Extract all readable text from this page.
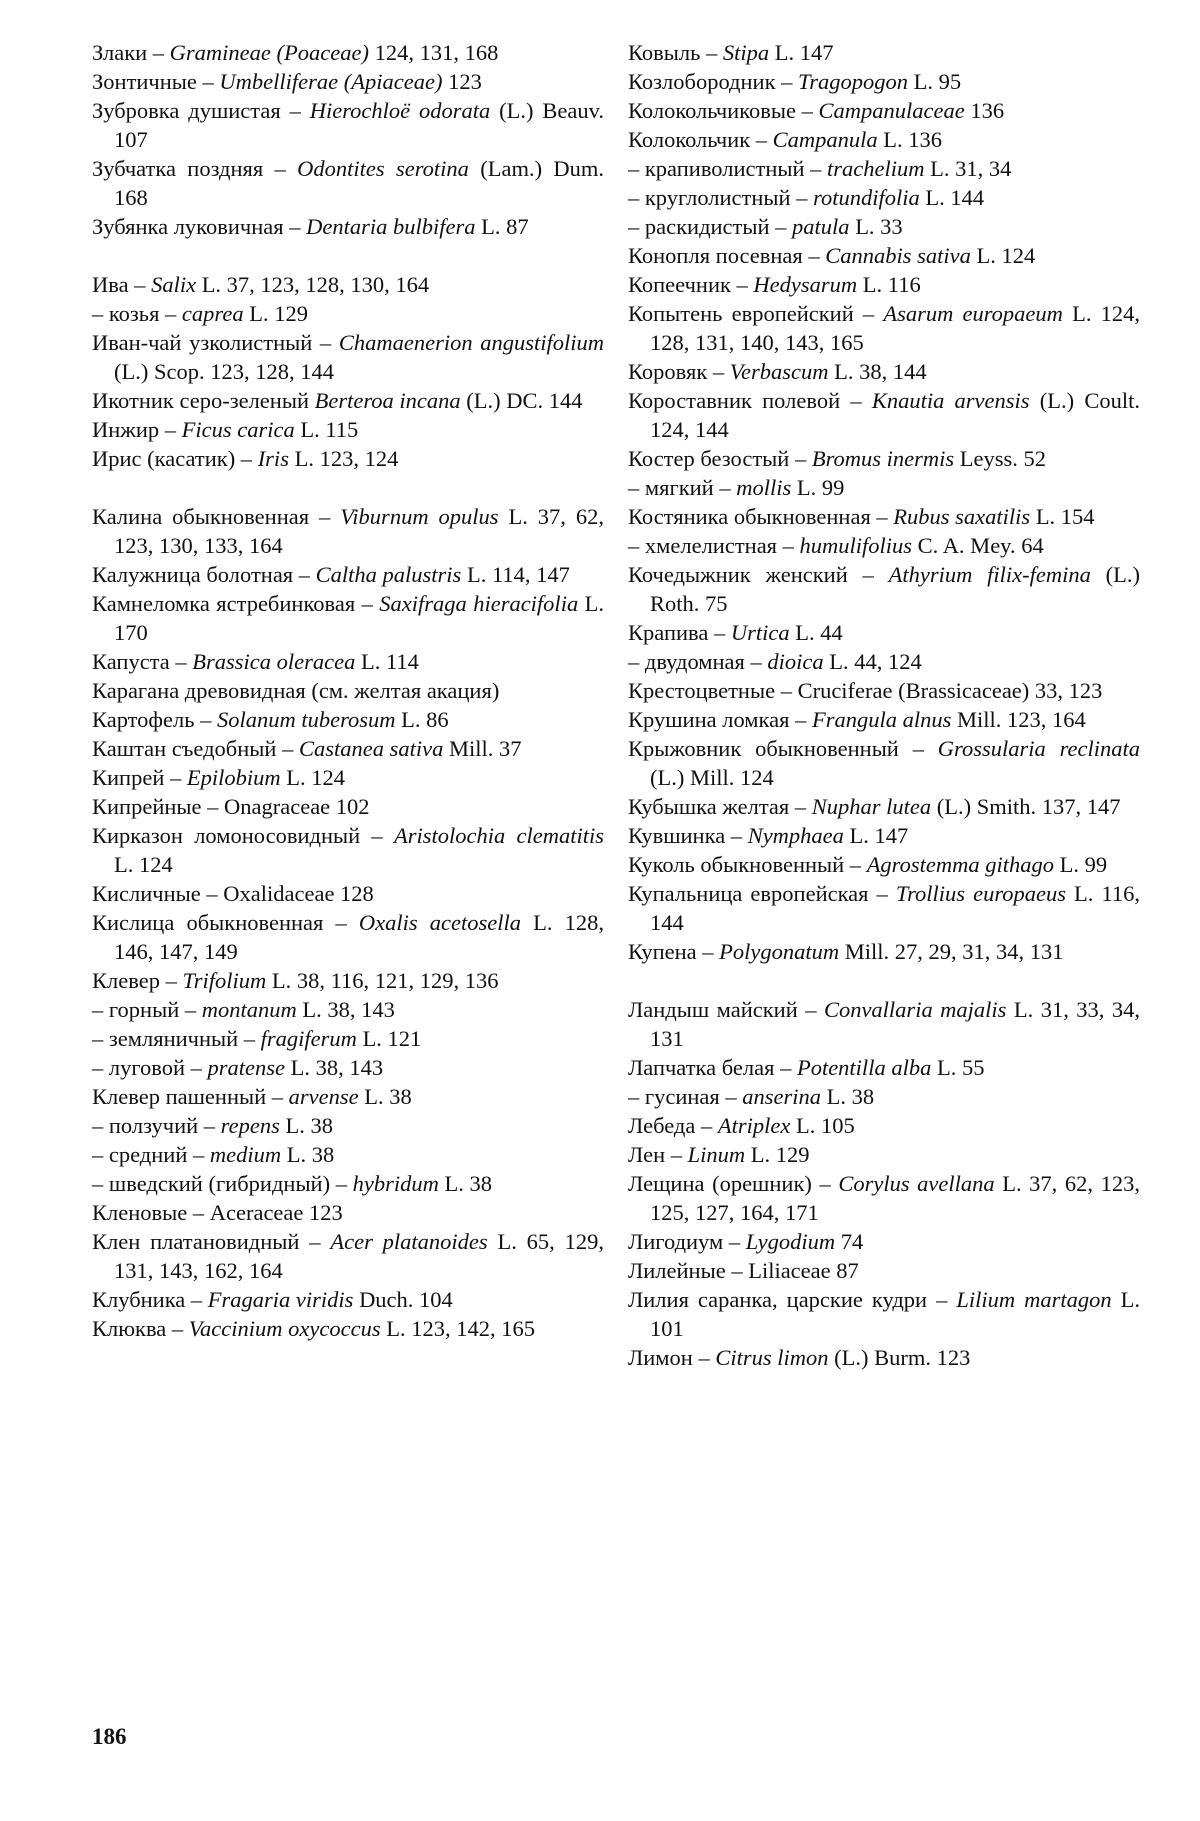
Злаки – Gramineae (Poaceae) 124, 131, 168

Зонтичные – Umbelliferae (Apiaceae) 123

Зубровка душистая – Hierochloë odorata (L.) Beauv. 107

Зубчатка поздняя – Odontites serotina (Lam.) Dum. 168

Зубянка луковичная – Dentaria bulbifera L. 87

Ива – Salix L. 37, 123, 128, 130, 164

– козья – caprea L. 129

Иван-чай узколистный – Chamaenerion angustifolium (L.) Scop. 123, 128, 144

Икотник серо-зеленый Berteroa incana (L.) DC. 144

Инжир – Ficus carica L. 115

Ирис (касатик) – Iris L. 123, 124

Калина обыкновенная – Viburnum opulus L. 37, 62, 123, 130, 133, 164

Калужница болотная – Caltha palustris L. 114, 147

Камнеломка ястребинковая – Saxifraga hieracifolia L. 170

Капуста – Brassica oleracea L. 114

Карагана древовидная (см. желтая акация)

Картофель – Solanum tuberosum L. 86

Каштан съедобный – Castanea sativa Mill. 37

Кипрей – Epilobium L. 124

Кипрейные – Onagraceae 102

Кирказон ломоносовидный – Aristolochia clematitis L. 124

Кисличные – Oxalidaceae 128

Кислица обыкновенная – Oxalis acetosella L. 128, 146, 147, 149

Клевер – Trifolium L. 38, 116, 121, 129, 136

– горный – montanum L. 38, 143

– земляничный – fragiferum L. 121

– луговой – pratense L. 38, 143

Клевер пашенный – arvense L. 38

– ползучий – repens L. 38

– средний – medium L. 38

– шведский (гибридный) – hybridum L. 38

Кленовые – Aceraceae 123

Клен платановидный – Acer platanoides L. 65, 129, 131, 143, 162, 164

Клубника – Fragaria viridis Duch. 104

Клюква – Vaccinium oxycoccus L. 123, 142, 165

Ковыль – Stipa L. 147

Козлобородник – Tragopogon L. 95

Колокольчиковые – Campanulaceae 136

Колокольчик – Campanula L. 136

– крапиволистный – trachelium L. 31, 34

– круглолистный – rotundifolia L. 144

– раскидистый – patula L. 33

Конопля посевная – Cannabis sativa L. 124

Копеечник – Hedysarum L. 116

Копытень европейский – Asarum europaeum L. 124, 128, 131, 140, 143, 165

Коровяк – Verbascum L. 38, 144

Короставник полевой – Knautia arvensis (L.) Coult. 124, 144

Костер безостый – Bromus inermis Leyss. 52

– мягкий – mollis L. 99

Костяника обыкновенная – Rubus saxatilis L. 154

– хмелелистная – humulifolius C. A. Mey. 64

Кочедыжник женский – Athyrium filix-femina (L.) Roth. 75

Крапива – Urtica L. 44

– двудомная – dioica L. 44, 124

Крестоцветные – Cruciferae (Brassicaceae) 33, 123

Крушина ломкая – Frangula alnus Mill. 123, 164

Крыжовник обыкновенный – Grossularia reclinata (L.) Mill. 124

Кубышка желтая – Nuphar lutea (L.) Smith. 137, 147

Кувшинка – Nymphaea L. 147

Куколь обыкновенный – Agrostemma githago L. 99

Купальница европейская – Trollius europaeus L. 116, 144

Купена – Polygonatum Mill. 27, 29, 31, 34, 131

Ландыш майский – Convallaria majalis L. 31, 33, 34, 131

Лапчатка белая – Potentilla alba L. 55

– гусиная – anserina L. 38

Лебеда – Atriplex L. 105

Лен – Linum L. 129

Лещина (орешник) – Corylus avellana L. 37, 62, 123, 125, 127, 164, 171

Лигодиум – Lygodium 74

Лилейные – Liliaceae 87

Лилия саранка, царские кудри – Lilium martagon L. 101

Лимон – Citrus limon (L.) Burm. 123

186
